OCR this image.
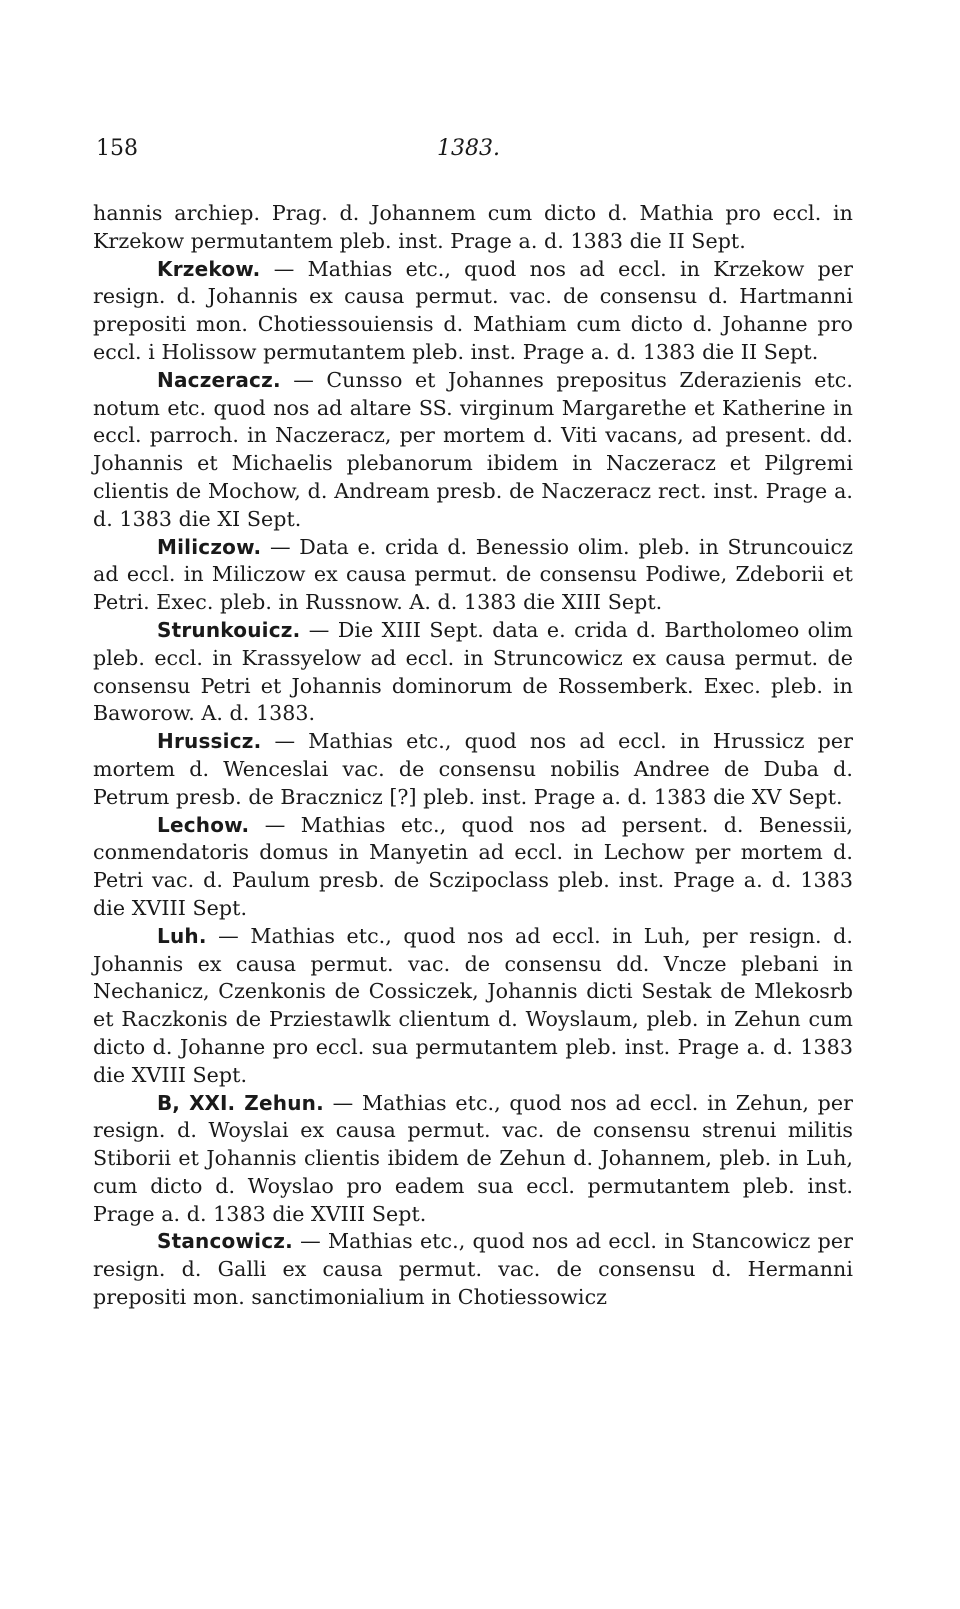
158	1383.

hannis archiep. Prag. d. Johannem cum dicto d. Mathia pro eccl. in Krzekow permutantem pleb. inst. Prage a. d. 1383 die II Sept.

Krzekow. — Mathias etc., quod nos ad eccl. in Krzekow per resign. d. Johannis ex causa permut. vac. de consensu d. Hartmanni prepositi mon. Chotiessouiensis d. Mathiam cum dicto d. Johanne pro eccl. i Holissow permutantem pleb. inst. Prage a. d. 1383 die II Sept.

Naczeracz. — Cunsso et Johannes prepositus Zderazienis etc. notum etc. quod nos ad altare SS. virginum Margarethe et Katherine in eccl. parroch. in Naczeracz, per mortem d. Viti vacans, ad present. dd. Johannis et Michaelis plebanorum ibidem in Naczeracz et Pilgremi clientis de Mochow, d. Andream presb. de Naczeracz rect. inst. Prage a. d. 1383 die XI Sept.

Miliczow. — Data e. crida d. Benessio olim. pleb. in Struncouicz ad eccl. in Miliczow ex causa permut. de consensu Podiwe, Zdeborii et Petri. Exec. pleb. in Russnow. A. d. 1383 die XIII Sept.

Strunkouicz. — Die XIII Sept. data e. crida d. Bartholomeo olim pleb. eccl. in Krassyelow ad eccl. in Struncowicz ex causa permut. de consensu Petri et Johannis dominorum de Rossemberk. Exec. pleb. in Baworow. A. d. 1383.

Hrussicz. — Mathias etc., quod nos ad eccl. in Hrussicz per mortem d. Wenceslai vac. de consensu nobilis Andree de Duba d. Petrum presb. de Bracznicz [?] pleb. inst. Prage a. d. 1383 die XV Sept.

Lechow. — Mathias etc., quod nos ad persent. d. Benessii, conmendatoris domus in Manyetin ad eccl. in Lechow per mortem d. Petri vac. d. Paulum presb. de Sczipoclass pleb. inst. Prage a. d. 1383 die XVIII Sept.

Luh. — Mathias etc., quod nos ad eccl. in Luh, per resign. d. Johannis ex causa permut. vac. de consensu dd. Vncze plebani in Nechanicz, Czenkonis de Cossiczek, Johannis dicti Sestak de Mlekosrb et Raczkonis de Prziestawlk clientum d. Woyslaum, pleb. in Zehun cum dicto d. Johanne pro eccl. sua permutantem pleb. inst. Prage a. d. 1383 die XVIII Sept.

B, XXI. Zehun. — Mathias etc., quod nos ad eccl. in Zehun, per resign. d. Woyslai ex causa permut. vac. de consensu strenui militis Stiborii et Johannis clientis ibidem de Zehun d. Johannem, pleb. in Luh, cum dicto d. Woyslao pro eadem sua eccl. permutantem pleb. inst. Prage a. d. 1383 die XVIII Sept.

Stancowicz. — Mathias etc., quod nos ad eccl. in Stancowicz per resign. d. Galli ex causa permut. vac. de consensu d. Hermanni prepositi mon. sanctimonialium in Chotiessowicz
